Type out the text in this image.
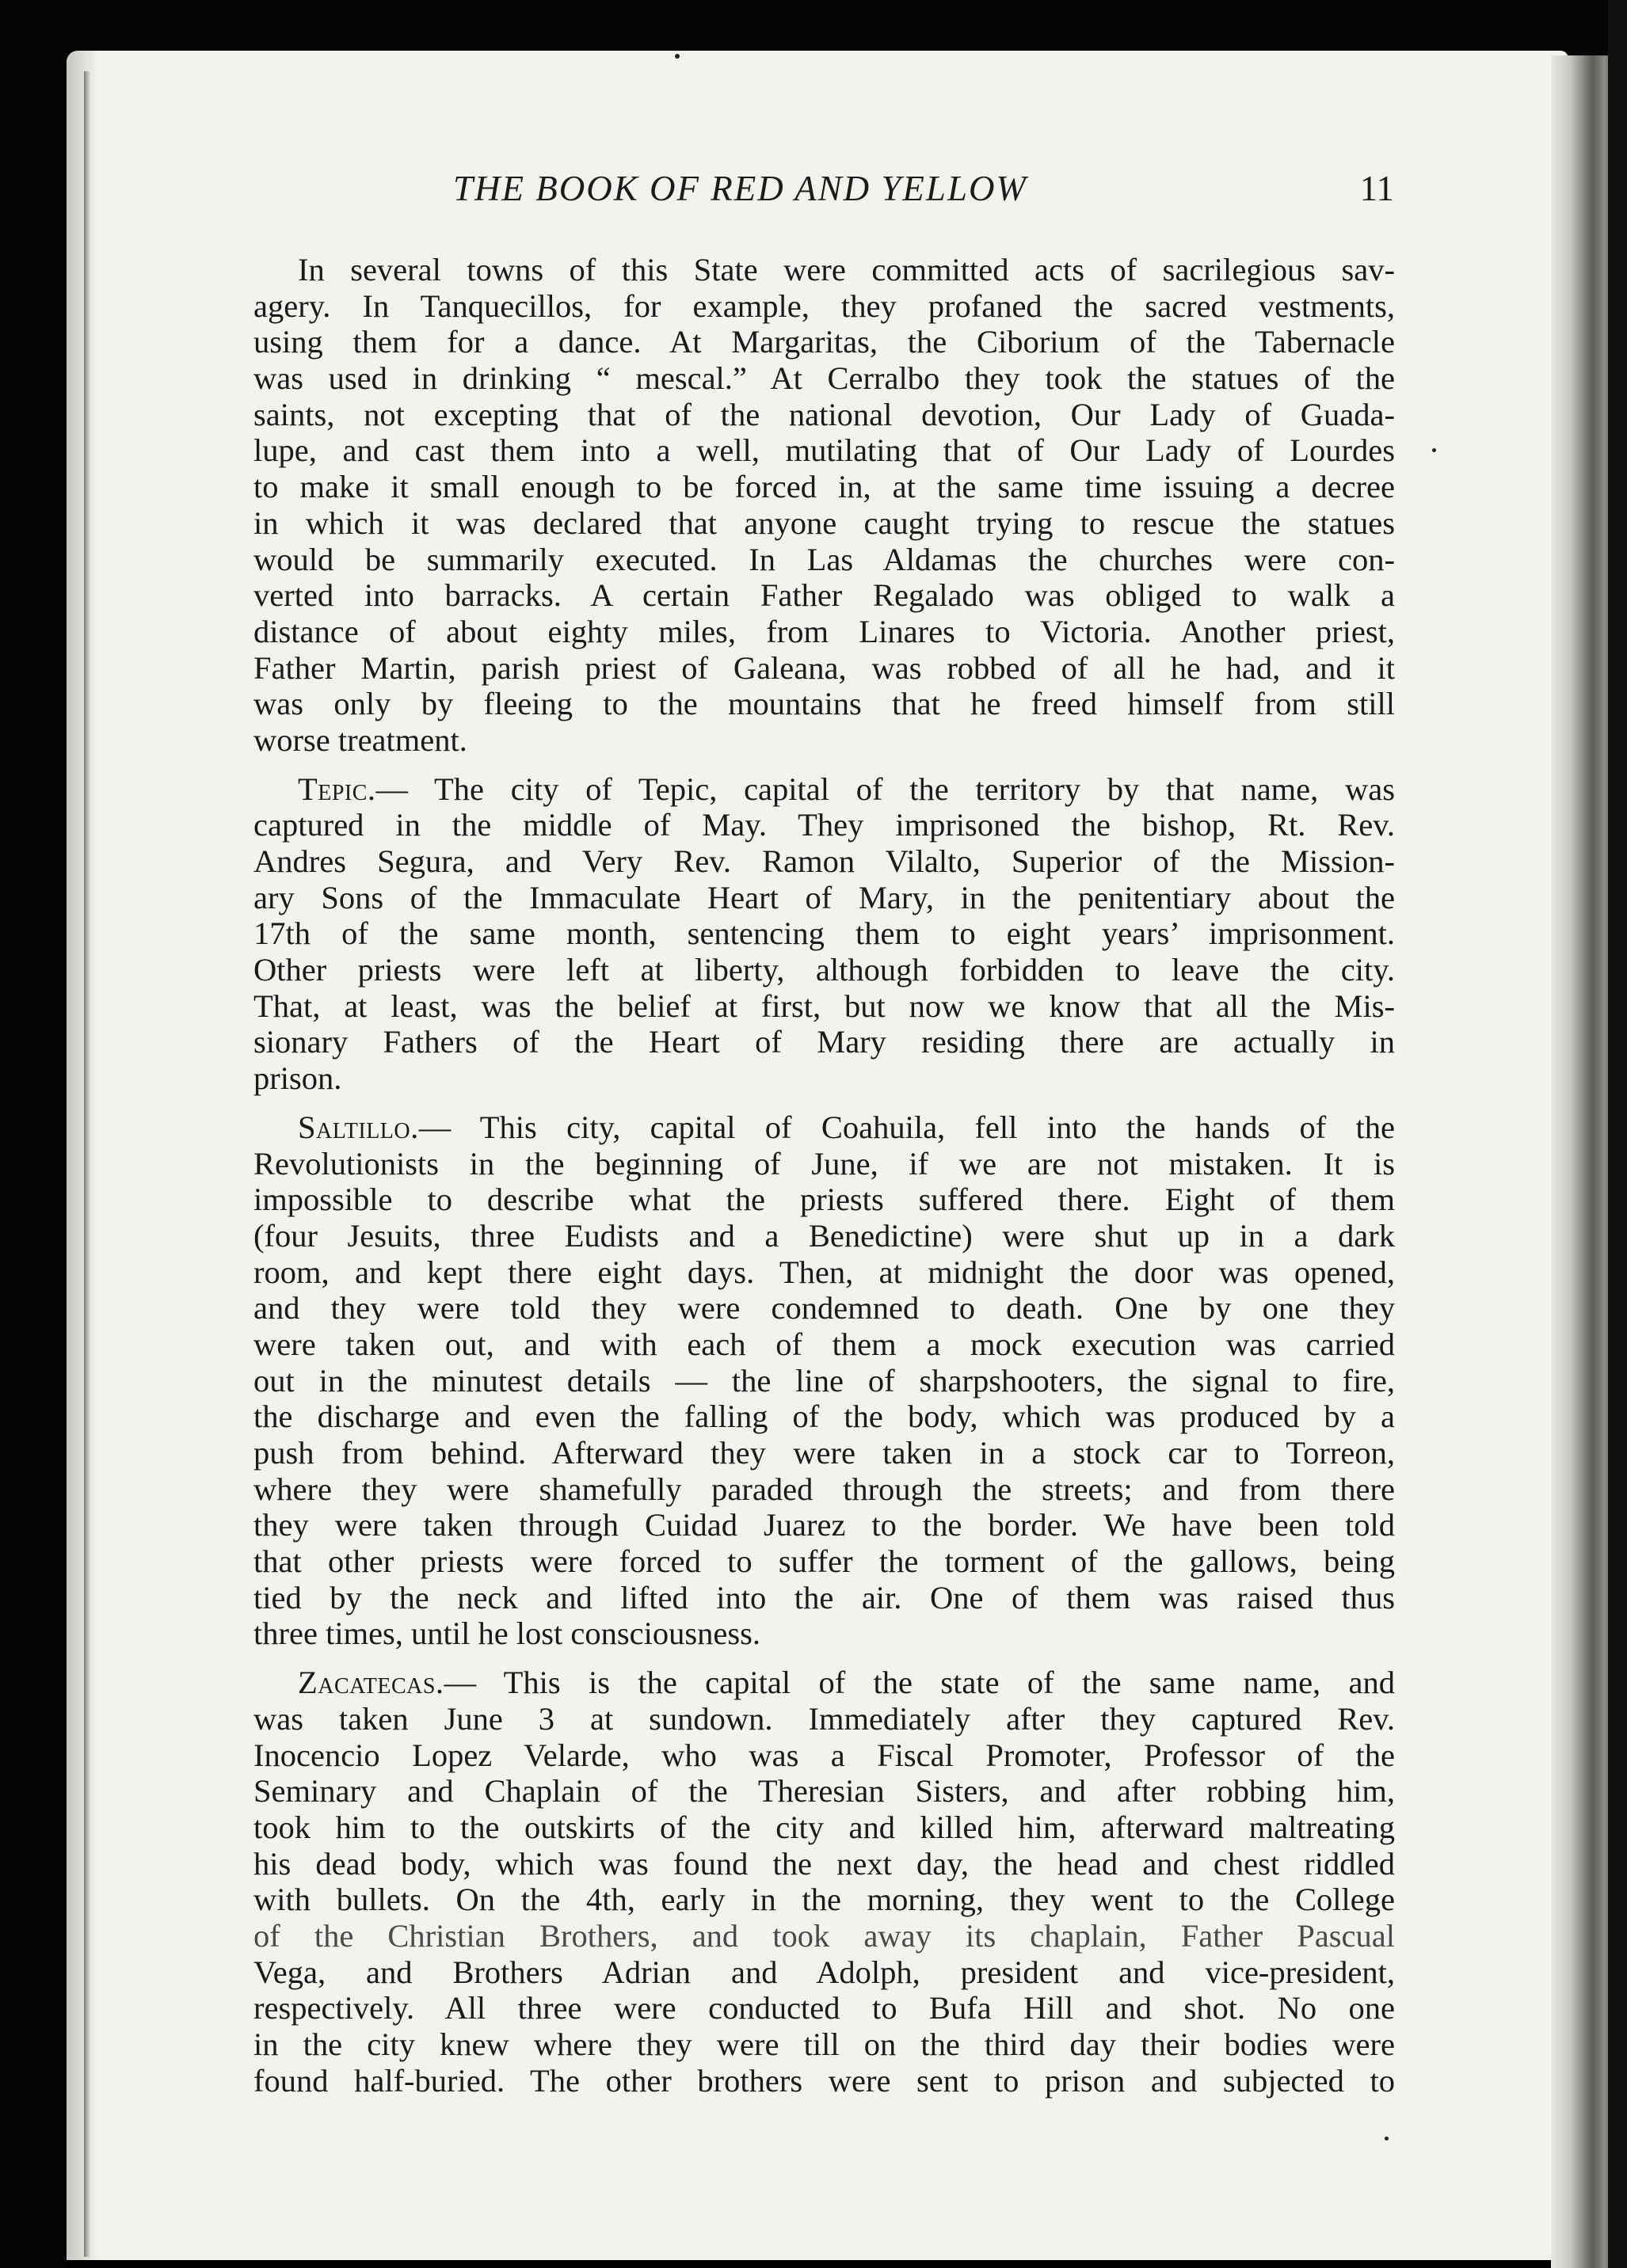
THE BOOK OF RED AND YELLOW	11
In several towns of this State were committed acts of sacrilegious sav-
agery. In Tanquecillos, for example, they profaned the sacred vestments,
using them for a dance. At Margaritas, the Ciborium of the Tabernacle
was used in drinking “ mescal.” At Cerralbo they took the statues of the
saints, not excepting that of the national devotion, Our Lady of Guada-
lupe, and cast them into a well, mutilating that of Our Lady of Lourdes
to make it small enough to be forced in, at the same time issuing a decree
in which it was declared that anyone caught trying to rescue the statues
would be summarily executed. In Las Aldamas the churches were con-
verted into barracks. A certain Father Regalado was obliged to walk a
distance of about eighty miles, from Linares to Victoria. Another priest,
Father Martin, parish priest of Galeana, was robbed of all he had, and it
was only by fleeing to the mountains that he freed himself from still
worse treatment.
Tepic.— The city of Tepic, capital of the territory by that name, was
captured in the middle of May. They imprisoned the bishop, Rt. Rev.
Andres Segura, and Very Rev. Ramon Vilalto, Superior of the Mission-
ary Sons of the Immaculate Heart of Mary, in the penitentiary about the
17th of the same month, sentencing them to eight years’ imprisonment.
Other priests were left at liberty, although forbidden to leave the city.
That, at least, was the belief at first, but now we know that all the Mis-
sionary Fathers of the Heart of Mary residing there are actually in
prison.
Saltillo.— This city, capital of Coahuila, fell into the hands of the
Revolutionists in the beginning of June, if we are not mistaken. It is
impossible to describe what the priests suffered there. Eight of them
(four Jesuits, three Eudists and a Benedictine) were shut up in a dark
room, and kept there eight days. Then, at midnight the door was opened,
and they were told they were condemned to death. One by one they
were taken out, and with each of them a mock execution was carried
out in the minutest details — the line of sharpshooters, the signal to fire,
the discharge and even the falling of the body, which was produced by a
push from behind. Afterward they were taken in a stock car to Torreon,
where they were shamefully paraded through the streets; and from there
they were taken through Cuidad Juarez to the border. We have been told
that other priests were forced to suffer the torment of the gallows, being
tied by the neck and lifted into the air. One of them was raised thus
three times, until he lost consciousness.
Zacatecas.— This is the capital of the state of the same name, and
was taken June 3 at sundown. Immediately after they captured Rev.
Inocencio Lopez Velarde, who was a Fiscal Promoter, Professor of the
Seminary and Chaplain of the Theresian Sisters, and after robbing him,
took him to the outskirts of the city and killed him, afterward maltreating
his dead body, which was found the next day, the head and chest riddled
with bullets. On the 4th, early in the morning, they went to the College
of the Christian Brothers, and took away its chaplain, Father Pascual
Vega, and Brothers Adrian and Adolph, president and vice-president,
respectively. All three were conducted to Bufa Hill and shot. No one
in the city knew where they were till on the third day their bodies were
found half-buried. The other brothers were sent to prison and subjected to
